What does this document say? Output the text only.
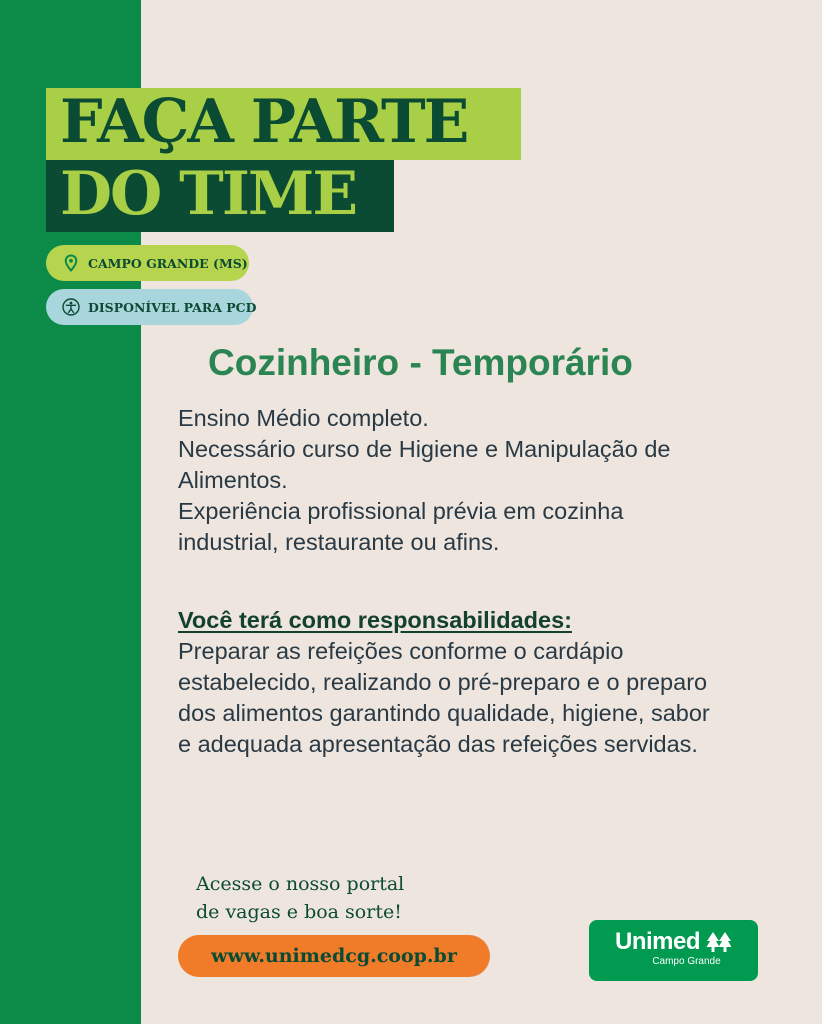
FAÇA PARTE
DO TIME
CAMPO GRANDE (MS)
DISPONÍVEL PARA PCD
Cozinheiro - Temporário
Ensino Médio completo.
Necessário curso de Higiene e Manipulação de
Alimentos.
Experiência profissional prévia em cozinha
industrial, restaurante ou afins.
Você terá como responsabilidades:
Preparar as refeições conforme o cardápio
estabelecido, realizando o pré-preparo e o preparo
dos alimentos garantindo qualidade, higiene, sabor
e adequada apresentação das refeições servidas.
Acesse o nosso portal
de vagas e boa sorte!
www.unimedcg.coop.br
Unimed
Campo Grande
